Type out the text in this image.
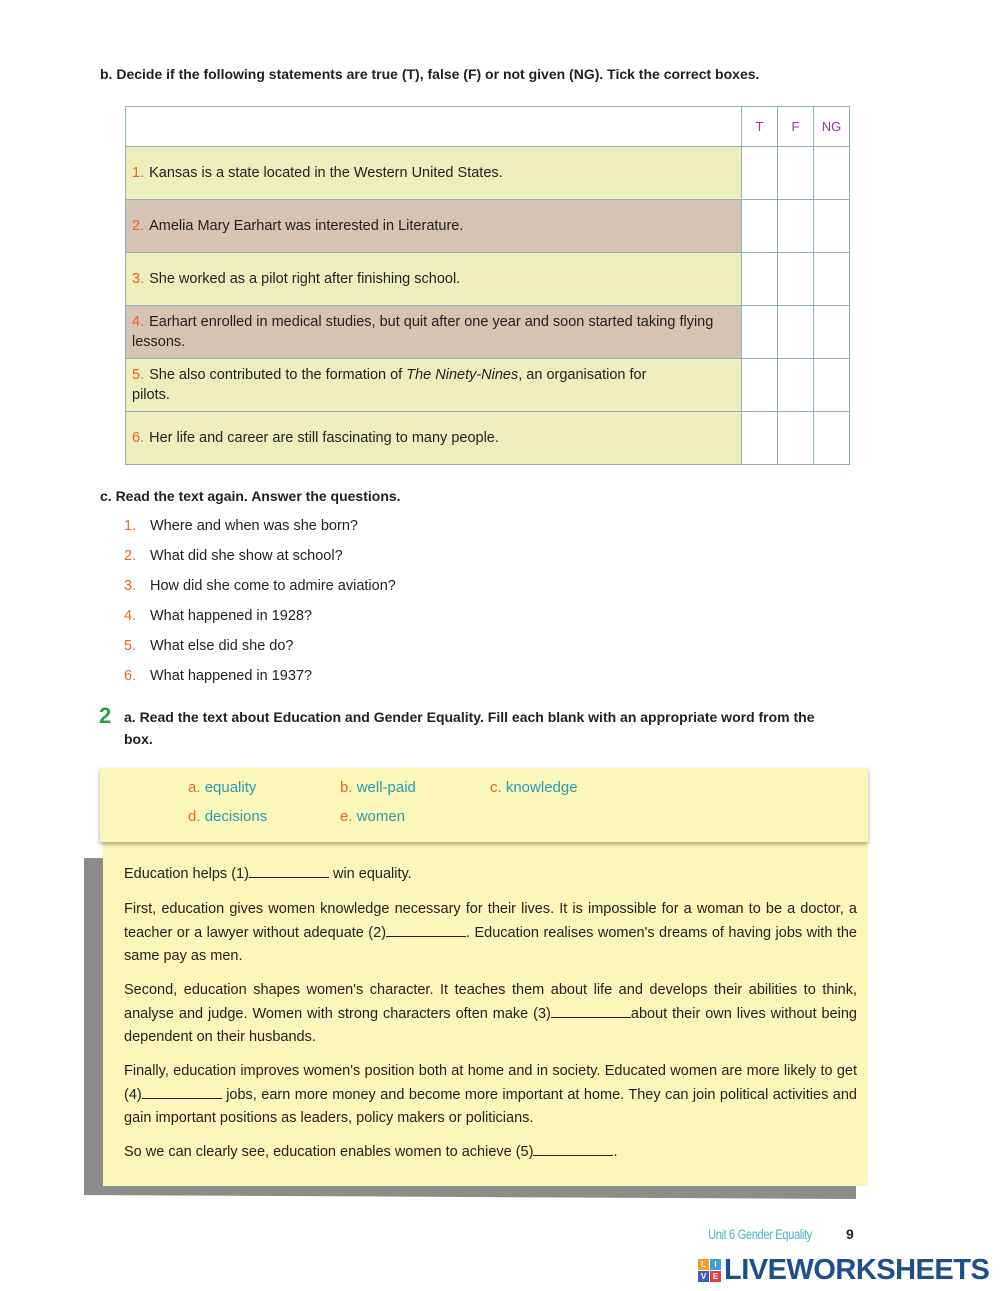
b. Decide if the following statements are true (T), false (F) or not given (NG). Tick the correct boxes.
	T	F	NG
1. Kansas is a state located in the Western United States.			
2. Amelia Mary Earhart was interested in Literature.			
3. She worked as a pilot right after finishing school.			
4. Earhart enrolled in medical studies, but quit after one year and soon started taking flying lessons.			
5. She also contributed to the formation of The Ninety-Nines, an organisation for pilots.			
6. Her life and career are still fascinating to many people.			
c. Read the text again. Answer the questions.
1. Where and when was she born?
2. What did she show at school?
3. How did she come to admire aviation?
4. What happened in 1928?
5. What else did she do?
6. What happened in 1937?
2 a. Read the text about Education and Gender Equality. Fill each blank with an appropriate word from the box.
a. equality	b. well-paid	c. knowledge
d. decisions	e. women
Education helps (1)	win equality.
First, education gives women knowledge necessary for their lives. It is impossible for a woman to be a doctor, a teacher or a lawyer without adequate (2)	. Education realises women's dreams of having jobs with the same pay as men.
Second, education shapes women's character. It teaches them about life and develops their abilities to think, analyse and judge. Women with strong characters often make (3)	about their own lives without being dependent on their husbands.
Finally, education improves women's position both at home and in society. Educated women are more likely to get (4)	jobs, earn more money and become more important at home. They can join political activities and gain important positions as leaders, policy makers or politicians.
So we can clearly see, education enables women to achieve (5)	.
Unit 6 Gender Equality 9
L	I
V E LIVEWORKSHEETS
